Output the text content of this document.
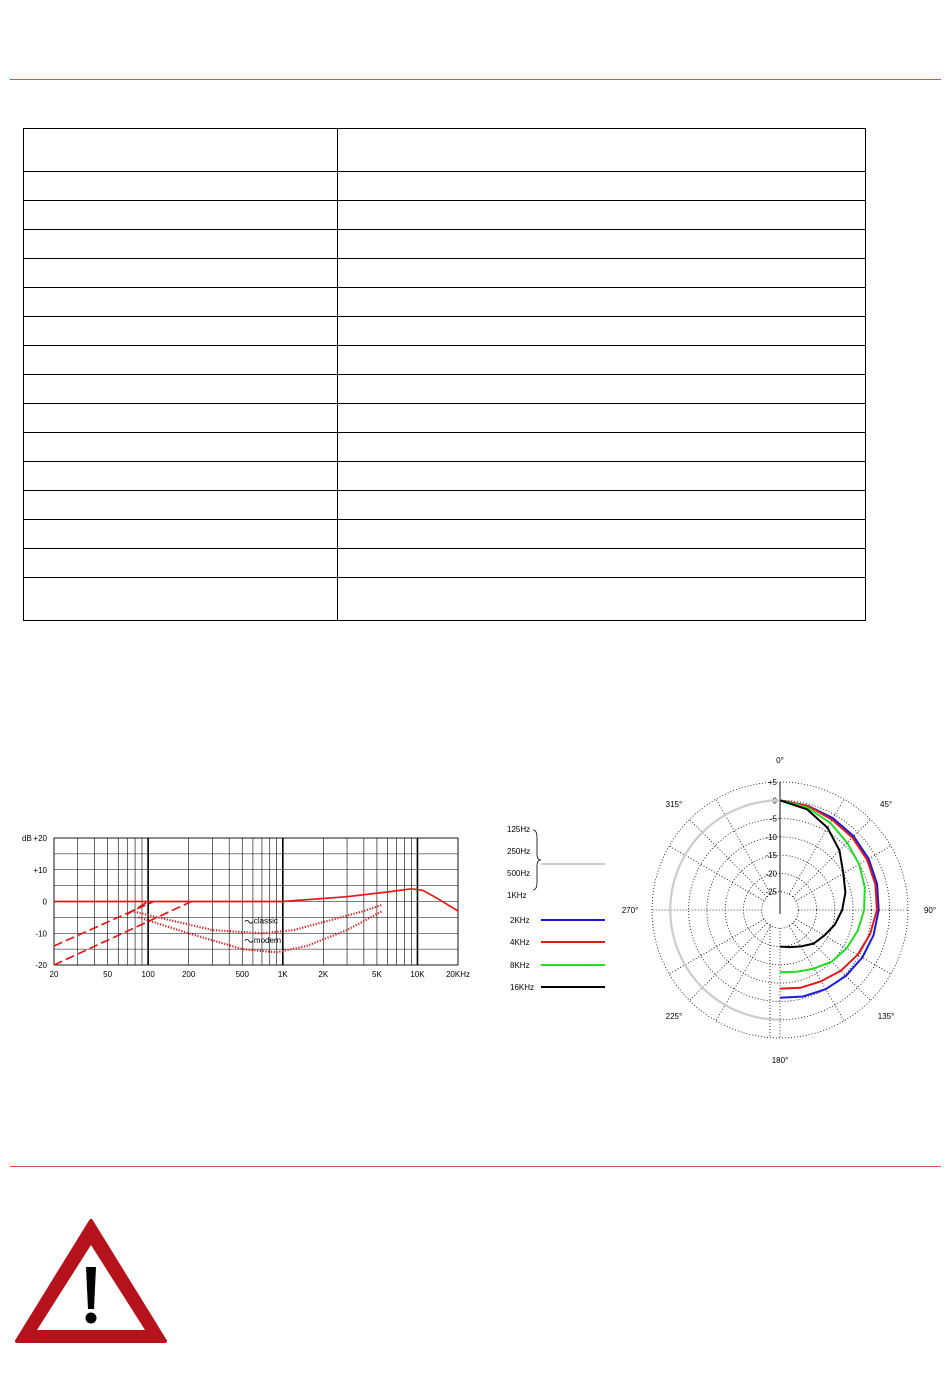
+20
+10
0
-10
-20
dB
20	50	100	200	500	1K	2K	5K	10K	20KHz
classic
modern
+5
0
-5
-10
-15
-20
-25
0°
45°
90°
135°
180°
225°
270°
315°
125Hz
250Hz
500Hz
1KHz
2KHz
4KHz
8KHz
16KHz
